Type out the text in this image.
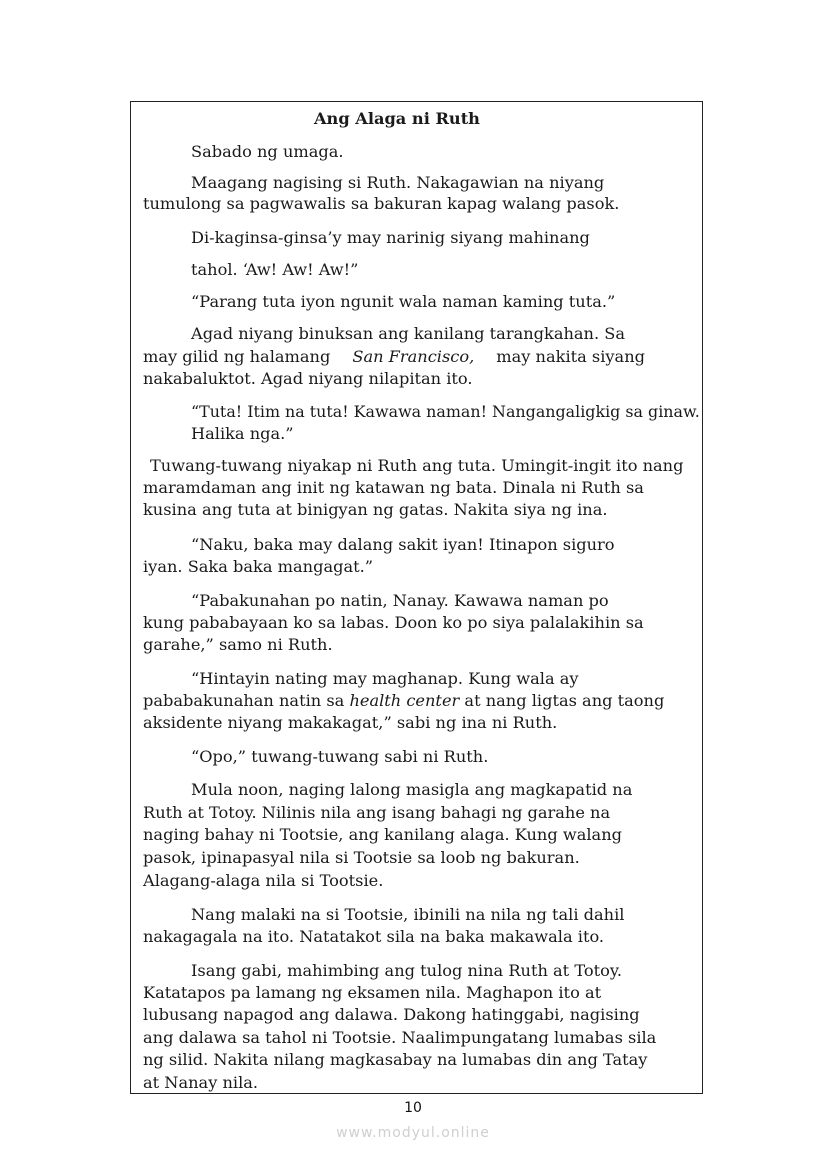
Ang Alaga ni Ruth
Sabado ng umaga.
Maagang nagising si Ruth. Nakagawian na niyang
tumulong sa pagwawalis sa bakuran kapag walang pasok.
Di-kaginsa-ginsa’y may narinig siyang mahinang
tahol. ‘Aw! Aw! Aw!”
“Parang tuta iyon ngunit wala naman kaming tuta.”
Agad niyang binuksan ang kanilang tarangkahan. Sa
may gilid ng halamang San Francisco, may nakita siyang
nakabaluktot. Agad niyang nilapitan ito.
“Tuta! Itim na tuta! Kawawa naman! Nangangaligkig sa ginaw.
Halika nga.”
Tuwang-tuwang niyakap ni Ruth ang tuta. Umingit-ingit ito nang
maramdaman ang init ng katawan ng bata. Dinala ni Ruth sa
kusina ang tuta at binigyan ng gatas. Nakita siya ng ina.
“Naku, baka may dalang sakit iyan! Itinapon siguro
iyan. Saka baka mangagat.”
“Pabakunahan po natin, Nanay. Kawawa naman po
kung pababayaan ko sa labas. Doon ko po siya palalakihin sa
garahe,” samo ni Ruth.
“Hintayin nating may maghanap. Kung wala ay
pababakunahan natin sa health center at nang ligtas ang taong
aksidente niyang makakagat,” sabi ng ina ni Ruth.
“Opo,” tuwang-tuwang sabi ni Ruth.
Mula noon, naging lalong masigla ang magkapatid na
Ruth at Totoy. Nilinis nila ang isang bahagi ng garahe na
naging bahay ni Tootsie, ang kanilang alaga. Kung walang
pasok, ipinapasyal nila si Tootsie sa loob ng bakuran.
Alagang-alaga nila si Tootsie.
Nang malaki na si Tootsie, ibinili na nila ng tali dahil
nakagagala na ito. Natatakot sila na baka makawala ito.
Isang gabi, mahimbing ang tulog nina Ruth at Totoy.
Katatapos pa lamang ng eksamen nila. Maghapon ito at
lubusang napagod ang dalawa. Dakong hatinggabi, nagising
ang dalawa sa tahol ni Tootsie. Naalimpungatang lumabas sila
ng silid. Nakita nilang magkasabay na lumabas din ang Tatay
at Nanay nila.
10
www.modyul.online
